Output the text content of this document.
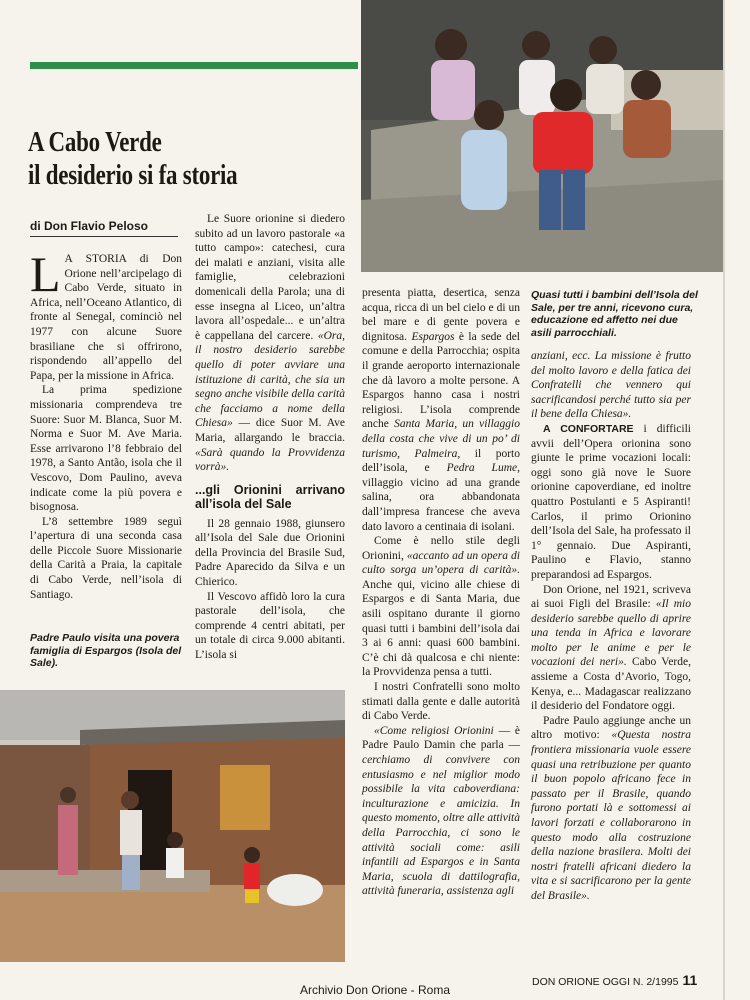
A Cabo Verde
il desiderio si fa storia
di Don Flavio Peloso

L A STORIA di Don Orione nell’arcipelago di Cabo Verde, situato in Africa, nell’Oceano Atlantico, di fronte al Senegal, cominciò nel 1977 con alcune Suore brasiliane che si offrirono, rispondendo all’appello del Papa, per la missione in Africa.

La prima spedizione missionaria comprendeva tre Suore: Suor M. Blanca, Suor M. Norma e Suor M. Ave Maria. Esse arrivarono l’8 febbraio del 1978, a Santo Antão, isola che il Vescovo, Dom Paulino, aveva indicate come la più povera e bisognosa.

L’8 settembre 1989 seguì l’apertura di una seconda casa delle Piccole Suore Missionarie della Carità a Praia, la capitale di Cabo Verde, nell’isola di Santiago.

Padre Paulo visita una povera famiglia di Espargos (Isola del Sale).

Le Suore orionine si diedero subito ad un lavoro pastorale «a tutto campo»: catechesi, cura dei malati e anziani, visita alle famiglie, celebrazioni domenicali della Parola; una di esse insegna al Liceo, un’altra lavora all’ospedale... e un’altra è cappellana del carcere. «Ora, il nostro desiderio sarebbe quello di poter avviare una istituzione di carità, che sia un segno anche visibile della carità che facciamo a nome della Chiesa» — dice Suor M. Ave Maria, allargando le braccia. «Sarà quando la Provvidenza vorrà».

...gli Orionini arrivano all’isola del Sale

Il 28 gennaio 1988, giunsero all’Isola del Sale due Orionini della Provincia del Brasile Sud, Padre Aparecido da Silva e un Chierico.

Il Vescovo affidò loro la cura pastorale dell’isola, che comprende 4 centri abitati, per un totale di circa 9.000 abitanti. L’isola si

presenta piatta, desertica, senza acqua, ricca di un bel cielo e di un bel mare e di gente povera e dignitosa. Espargos è la sede del comune e della Parrocchia; ospita il grande aeroporto internazionale che dà lavoro a molte persone. A Espargos hanno casa i nostri religiosi. L’isola comprende anche Santa Maria, un villaggio della costa che vive di un po’ di turismo, Palmeira, il porto dell’isola, e Pedra Lume, villaggio vicino ad una grande salina, ora abbandonata dall’impresa francese che aveva dato lavoro a centinaia di isolani.

Come è nello stile degli Orionini, «accanto ad un opera di culto sorga un’opera di carità». Anche qui, vicino alle chiese di Espargos e di Santa Maria, due asili ospitano durante il giorno quasi tutti i bambini dell’isola dai 3 ai 6 anni: quasi 600 bambini. C’è chi dà qualcosa e chi niente: la Provvidenza pensa a tutti.

I nostri Confratelli sono molto stimati dalla gente e dalle autorità di Cabo Verde.

«Come religiosi Orionini — è Padre Paulo Damin che parla — cerchiamo di convivere con entusiasmo e nel miglior modo possibile la vita caboverdiana: inculturazione e amicizia. In questo momento, oltre alle attività della Parrocchia, ci sono le attività sociali come: asili infantili ad Espargos e in Santa Maria, scuola di dattilografia, attività funeraria, assistenza agli

Quasi tutti i bambini dell’Isola del Sale, per tre anni, ricevono cura, educazione ed affetto nei due asili parrocchiali.

anziani, ecc. La missione è frutto del molto lavoro e della fatica dei Confratelli che vennero qui sacrificandosi perché tutto sia per il bene della Chiesa».

A CONFORTARE i difficili avvii dell’Opera orionina sono giunte le prime vocazioni locali: oggi sono già nove le Suore orionine capoverdiane, ed inoltre quattro Postulanti e 5 Aspiranti! Carlos, il primo Orionino dell’Isola del Sale, ha professato il 1° gennaio. Due Aspiranti, Paulino e Flavio, stanno preparandosi ad Espargos.

Don Orione, nel 1921, scriveva ai suoi Figli del Brasile: «Il mio desiderio sarebbe quello di aprire una tenda in Africa e lavorare molto per le anime e per le vocazioni dei neri». Cabo Verde, assieme a Costa d’Avorio, Togo, Kenya, e... Madagascar realizzano il desiderio del Fondatore oggi.

Padre Paulo aggiunge anche un altro motivo: «Questa nostra frontiera missionaria vuole essere quasi una retribuzione per quanto il buon popolo africano fece in passato per il Brasile, quando furono portati là e sottomessi ai lavori forzati e collaborarono in questo modo alla costruzione della nazione brasilera. Molti dei nostri fratelli africani diedero la vita e si sacrificarono per la gente del Brasile».

DON ORIONE OGGI N. 2/1995 11
Archivio Don Orione - Roma
